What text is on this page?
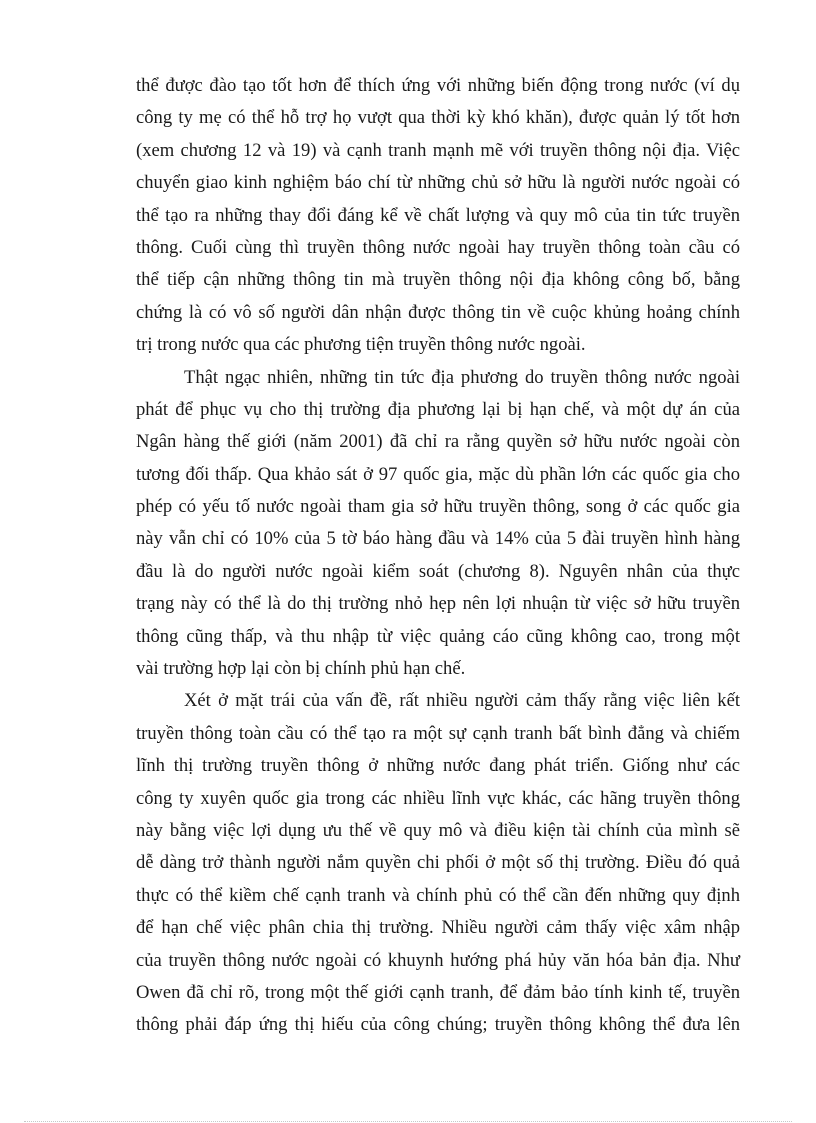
thể được đào tạo tốt hơn để thích ứng với những biến động trong nước (ví dụ
công ty mẹ có thể hỗ trợ họ vượt qua thời kỳ khó khăn), được quản lý tốt hơn
(xem chương 12 và 19) và cạnh tranh mạnh mẽ với truyền thông nội địa. Việc
chuyển giao kinh nghiệm báo chí từ những chủ sở hữu là người nước ngoài có
thể tạo ra những thay đổi đáng kể về chất lượng và quy mô của tin tức truyền
thông. Cuối cùng thì truyền thông nước ngoài hay truyền thông toàn cầu có
thể tiếp cận những thông tin mà truyền thông nội địa không công bố, bằng
chứng là có vô số người dân nhận được thông tin về cuộc khủng hoảng chính
trị trong nước qua các phương tiện truyền thông nước ngoài.
Thật ngạc nhiên, những tin tức địa phương do truyền thông nước ngoài
phát để phục vụ cho thị trường địa phương lại bị hạn chế, và một dự án của
Ngân hàng thế giới (năm 2001) đã chỉ ra rằng quyền sở hữu nước ngoài còn
tương đối thấp. Qua khảo sát ở 97 quốc gia, mặc dù phần lớn các quốc gia cho
phép có yếu tố nước ngoài tham gia sở hữu truyền thông, song ở các quốc gia
này vẫn chỉ có 10% của 5 tờ báo hàng đầu và 14% của 5 đài truyền hình hàng
đầu là do người nước ngoài kiểm soát (chương 8). Nguyên nhân của thực
trạng này có thể là do thị trường nhỏ hẹp nên lợi nhuận từ việc sở hữu truyền
thông cũng thấp, và thu nhập từ việc quảng cáo cũng không cao, trong một
vài trường hợp lại còn bị chính phủ hạn chế.
Xét ở mặt trái của vấn đề, rất nhiều người cảm thấy rằng việc liên kết
truyền thông toàn cầu có thể tạo ra một sự cạnh tranh bất bình đẳng và chiếm
lĩnh thị trường truyền thông ở những nước đang phát triển. Giống như các
công ty xuyên quốc gia trong các nhiều lĩnh vực khác, các hãng truyền thông
này bằng việc lợi dụng ưu thế về quy mô và điều kiện tài chính của mình sẽ
dễ dàng trở thành người nắm quyền chi phối ở một số thị trường. Điều đó quả
thực có thể kiềm chế cạnh tranh và chính phủ có thể cần đến những quy định
để hạn chế việc phân chia thị trường. Nhiều người cảm thấy việc xâm nhập
của truyền thông nước ngoài có khuynh hướng phá hủy văn hóa bản địa. Như
Owen đã chỉ rõ, trong một thế giới cạnh tranh, để đảm bảo tính kinh tế, truyền
thông phải đáp ứng thị hiếu của công chúng; truyền thông không thể đưa lên
